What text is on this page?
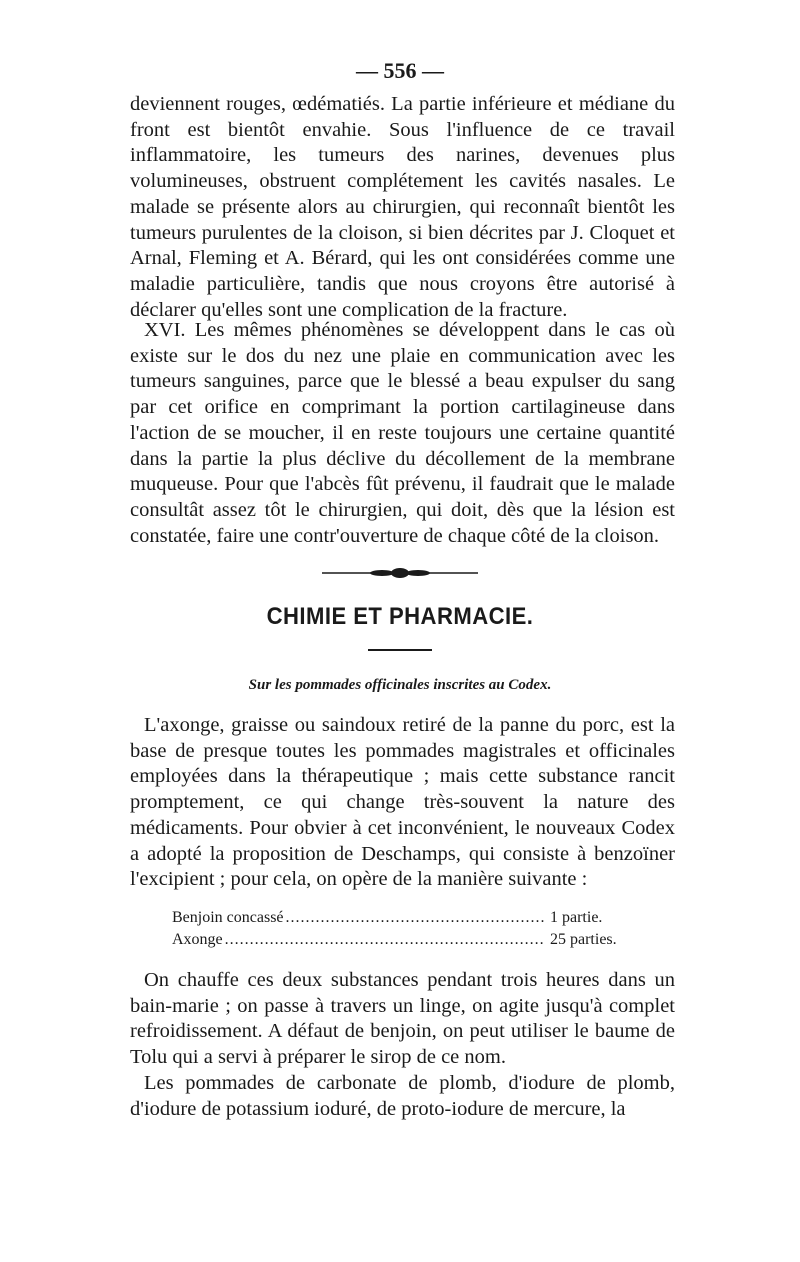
— 556 —

deviennent rouges, œdématiés. La partie inférieure et médiane du front est bientôt envahie. Sous l'influence de ce travail inflammatoire, les tumeurs des narines, devenues plus volumineuses, obstruent complétement les cavités nasales. Le malade se présente alors au chirurgien, qui reconnaît bientôt les tumeurs purulentes de la cloison, si bien décrites par J. Cloquet et Arnal, Fleming et A. Bérard, qui les ont considérées comme une maladie particulière, tandis que nous croyons être autorisé à déclarer qu'elles sont une complication de la fracture.

XVI. Les mêmes phénomènes se développent dans le cas où existe sur le dos du nez une plaie en communication avec les tumeurs sanguines, parce que le blessé a beau expulser du sang par cet orifice en comprimant la portion cartilagineuse dans l'action de se moucher, il en reste toujours une certaine quantité dans la partie la plus déclive du décollement de la membrane muqueuse. Pour que l'abcès fût prévenu, il faudrait que le malade consultât assez tôt le chirurgien, qui doit, dès que la lésion est constatée, faire une contr'ouverture de chaque côté de la cloison.

CHIMIE ET PHARMACIE.
Sur les pommades officinales inscrites au Codex.

L'axonge, graisse ou saindoux retiré de la panne du porc, est la base de presque toutes les pommades magistrales et officinales employées dans la thérapeutique ; mais cette substance rancit promptement, ce qui change très-souvent la nature des médicaments. Pour obvier à cet inconvénient, le nouveaux Codex a adopté la proposition de Deschamps, qui consiste à benzoïner l'excipient ; pour cela, on opère de la manière suivante :

Benjoin concassé .....	1 partie.
Axonge .....	25 parties.

On chauffe ces deux substances pendant trois heures dans un bain-marie ; on passe à travers un linge, on agite jusqu'à complet refroidissement. A défaut de benjoin, on peut utiliser le baume de Tolu qui a servi à préparer le sirop de ce nom.

Les pommades de carbonate de plomb, d'iodure de plomb, d'iodure de potassium ioduré, de proto-iodure de mercure, la
